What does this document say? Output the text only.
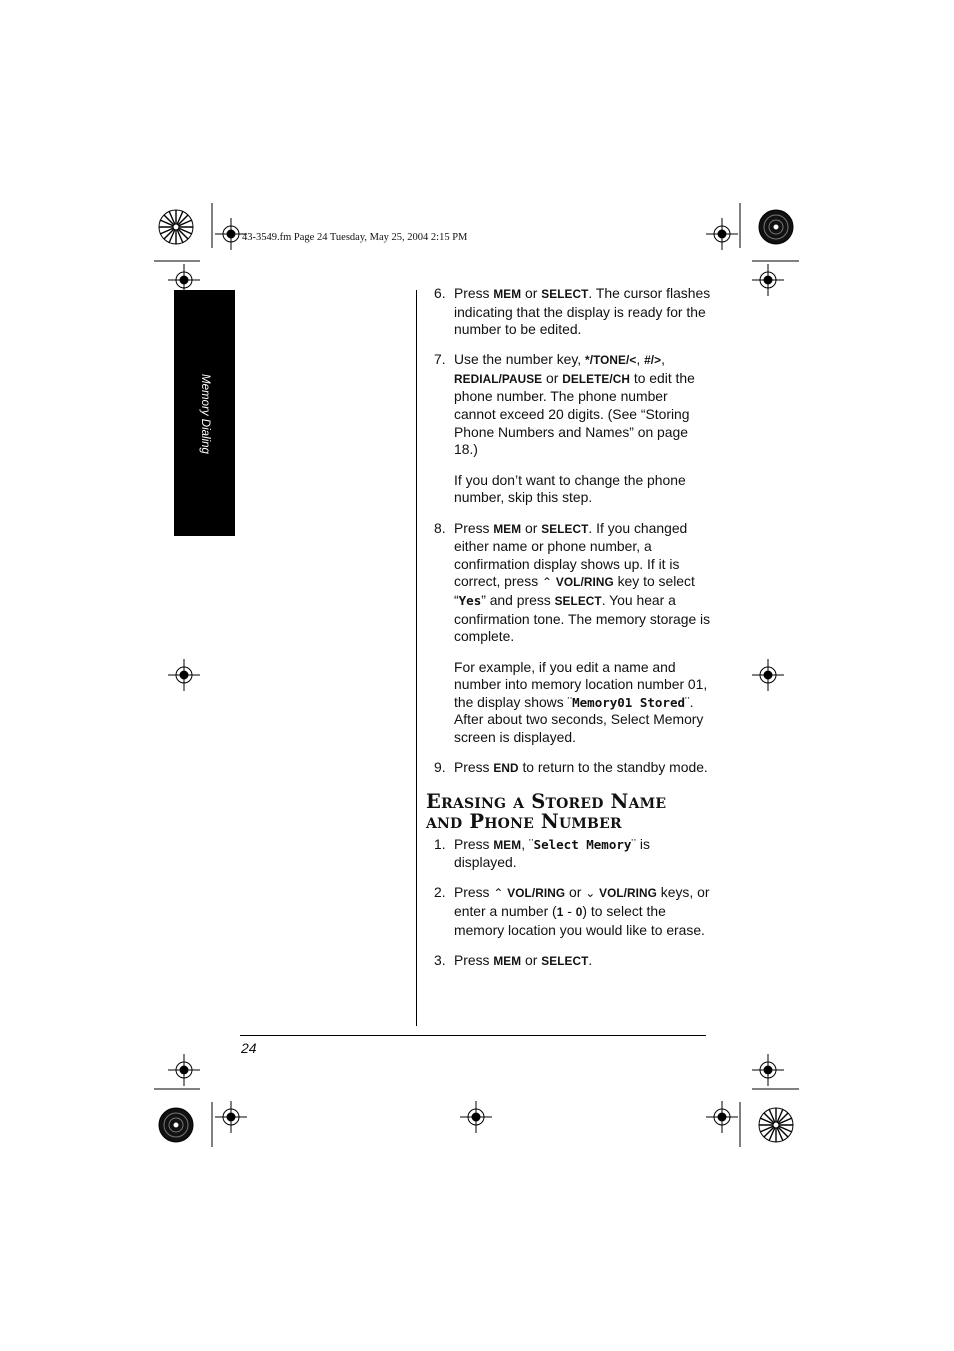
43-3549.fm Page 24 Tuesday, May 25, 2004 2:15 PM
Memory Dialing
24
6. Press MEM or SELECT. The cursor flashes indicating that the display is ready for the number to be edited.

7. Use the number key, */TONE/<, #/>, REDIAL/PAUSE or DELETE/CH to edit the phone number. The phone number cannot exceed 20 digits. (See “Storing Phone Numbers and Names” on page 18.)

If you don’t want to change the phone number, skip this step.

8. Press MEM or SELECT. If you changed either name or phone number, a confirmation display shows up. If it is correct, press ⌃ VOL/RING key to select “Yes” and press SELECT. You hear a confirmation tone. The memory storage is complete.

For example, if you edit a name and number into memory location number 01, the display shows ¨Memory01 Stored¨. After about two seconds, Select Memory screen is displayed.

9. Press END to return to the standby mode.

Erasing a Stored Name
and Phone Number
1. Press MEM, ¨Select Memory¨ is displayed.

2. Press ⌃ VOL/RING or ⌄ VOL/RING keys, or enter a number (1 - 0) to select the memory location you would like to erase.

3. Press MEM or SELECT.
